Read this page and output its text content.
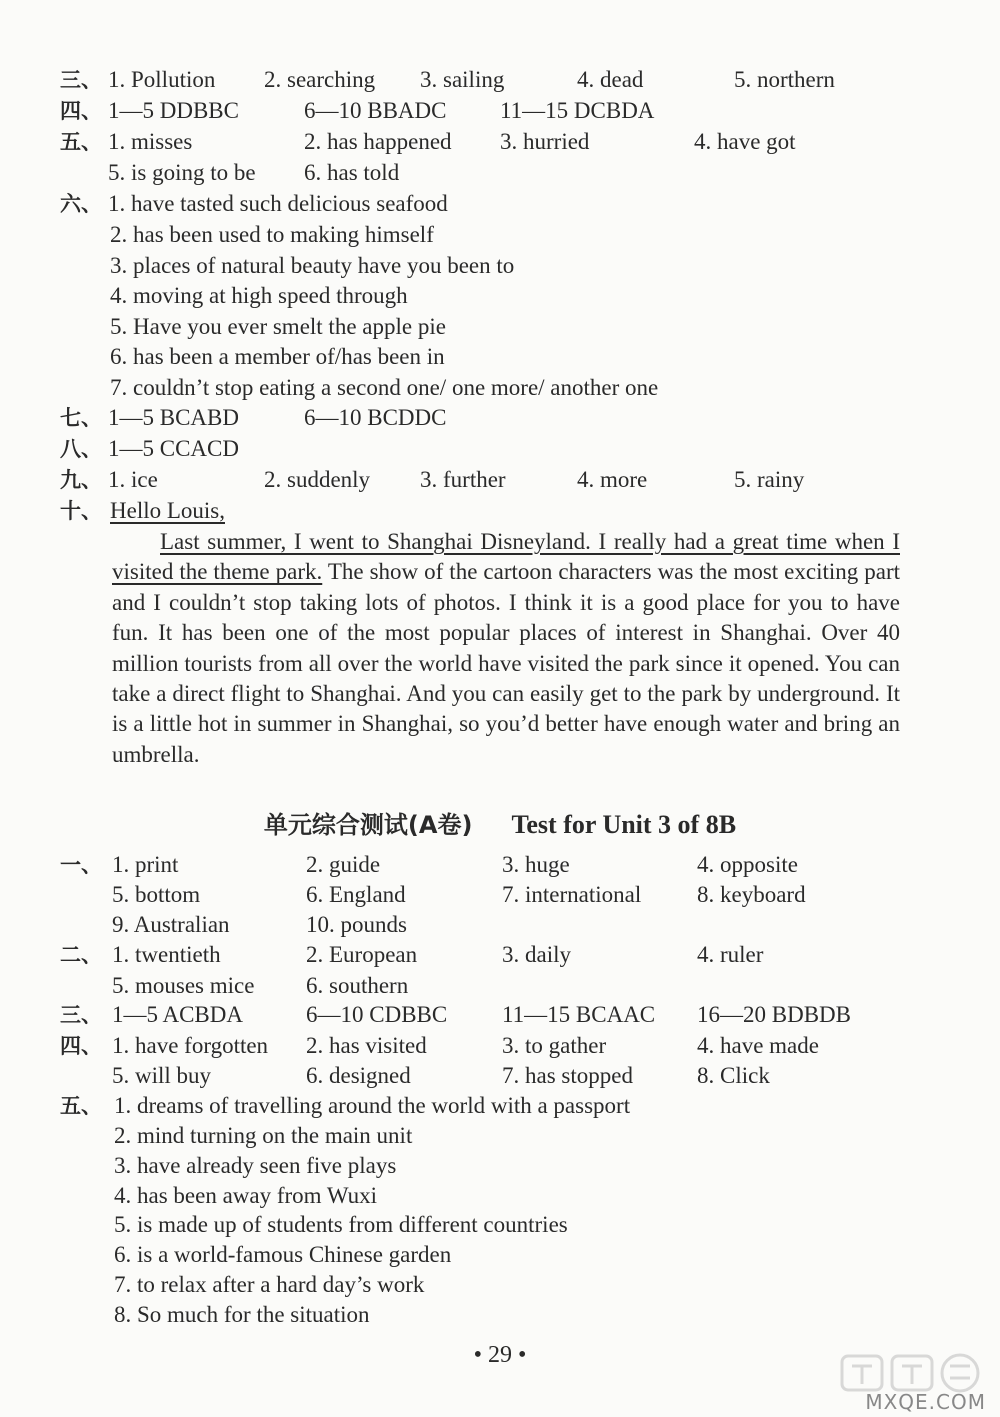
三、 1. Pollution 2. searching 3. sailing	4. dead	5. northern
四、 1—5 DDBBC	6—10 BBADC 11—15 DCBDA
五、 1. misses	2. has happened 3. hurried	4. have got
5. is going to be 6. has told
六、 1. have tasted such delicious seafood
2. has been used to making himself
3. places of natural beauty have you been to
4. moving at high speed through
5. Have you ever smelt the apple pie
6. has been a member of/has been in
7. couldn’t stop eating a second one/ one more/ another one
七、 1—5 BCABD	6—10 BCDDC
八、 1—5 CCACD
九、 1. ice	2. suddenly 3. further	4. more	5. rainy
十、 Hello Louis,
Last summer, I went to Shanghai Disneyland. I really had a great time when I visited the theme park. The show of the cartoon characters was the most exciting part and I couldn’t stop taking lots of photos. I think it is a good place for you to have fun. It has been one of the most popular places of interest in Shanghai. Over 40 million tourists from all over the world have visited the park since it opened. You can take a direct flight to Shanghai. And you can easily get to the park by underground. It is a little hot in summer in Shanghai, so you’d better have enough water and bring an umbrella.
单元综合测试(A卷) Test for Unit 3 of 8B
一、 1. print	2. guide	3. huge	4. opposite
5. bottom	6. England	7. international 8. keyboard
9. Australian	10. pounds
二、 1. twentieth	2. European	3. daily	4. ruler
5. mouses mice 6. southern
三、 1—5 ACBDA	6—10 CDBBC 11—15 BCAAC 16—20 BDBDB
四、 1. have forgotten 2. has visited	3. to gather	4. have made
5. will buy	6. designed	7. has stopped	8. Click
五、 1. dreams of travelling around the world with a passport
2. mind turning on the main unit
3. have already seen five plays
4. has been away from Wuxi
5. is made up of students from different countries
6. is a world-famous Chinese garden
7. to relax after a hard day’s work
8. So much for the situation
• 29 •
MXQE.COM
